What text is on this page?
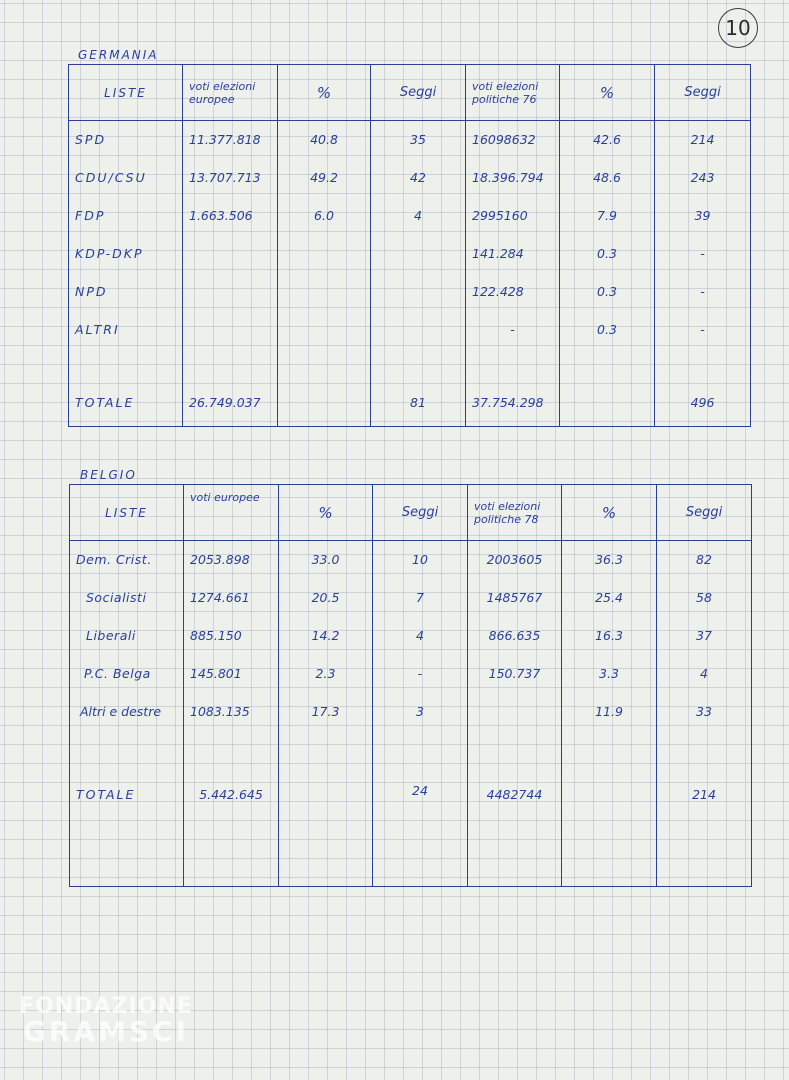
10
GERMANIA
LISTE	voti elezioni europee	%	Seggi	voti elezioni politiche 76	%	Seggi
SPD	11.377.818	40.8	35	16098632	42.6	214
CDU/CSU	13.707.713	49.2	42	18.396.794	48.6	243
FDP	1.663.506	6.0	4	2995160	7.9	39
KDP-DKP				141.284	0.3	-
NPD				122.428	0.3	-
ALTRI				-	0.3	-
TOTALE	26.749.037		81	37.754.298		496
BELGIO
LISTE	voti europee	%	Seggi	voti elezioni politiche 78	%	Seggi
Dem. Crist.	2053.898	33.0	10	2003605	36.3	82
Socialisti	1274.661	20.5	7	1485767	25.4	58
Liberali	885.150	14.2	4	866.635	16.3	37
P.C. Belga	145.801	2.3	-	150.737	3.3	4
Altri e destre	1083.135	17.3	3		11.9	33
TOTALE	5.442.645		24	4482744		214
FONDAZIONE
GRAMSCI
